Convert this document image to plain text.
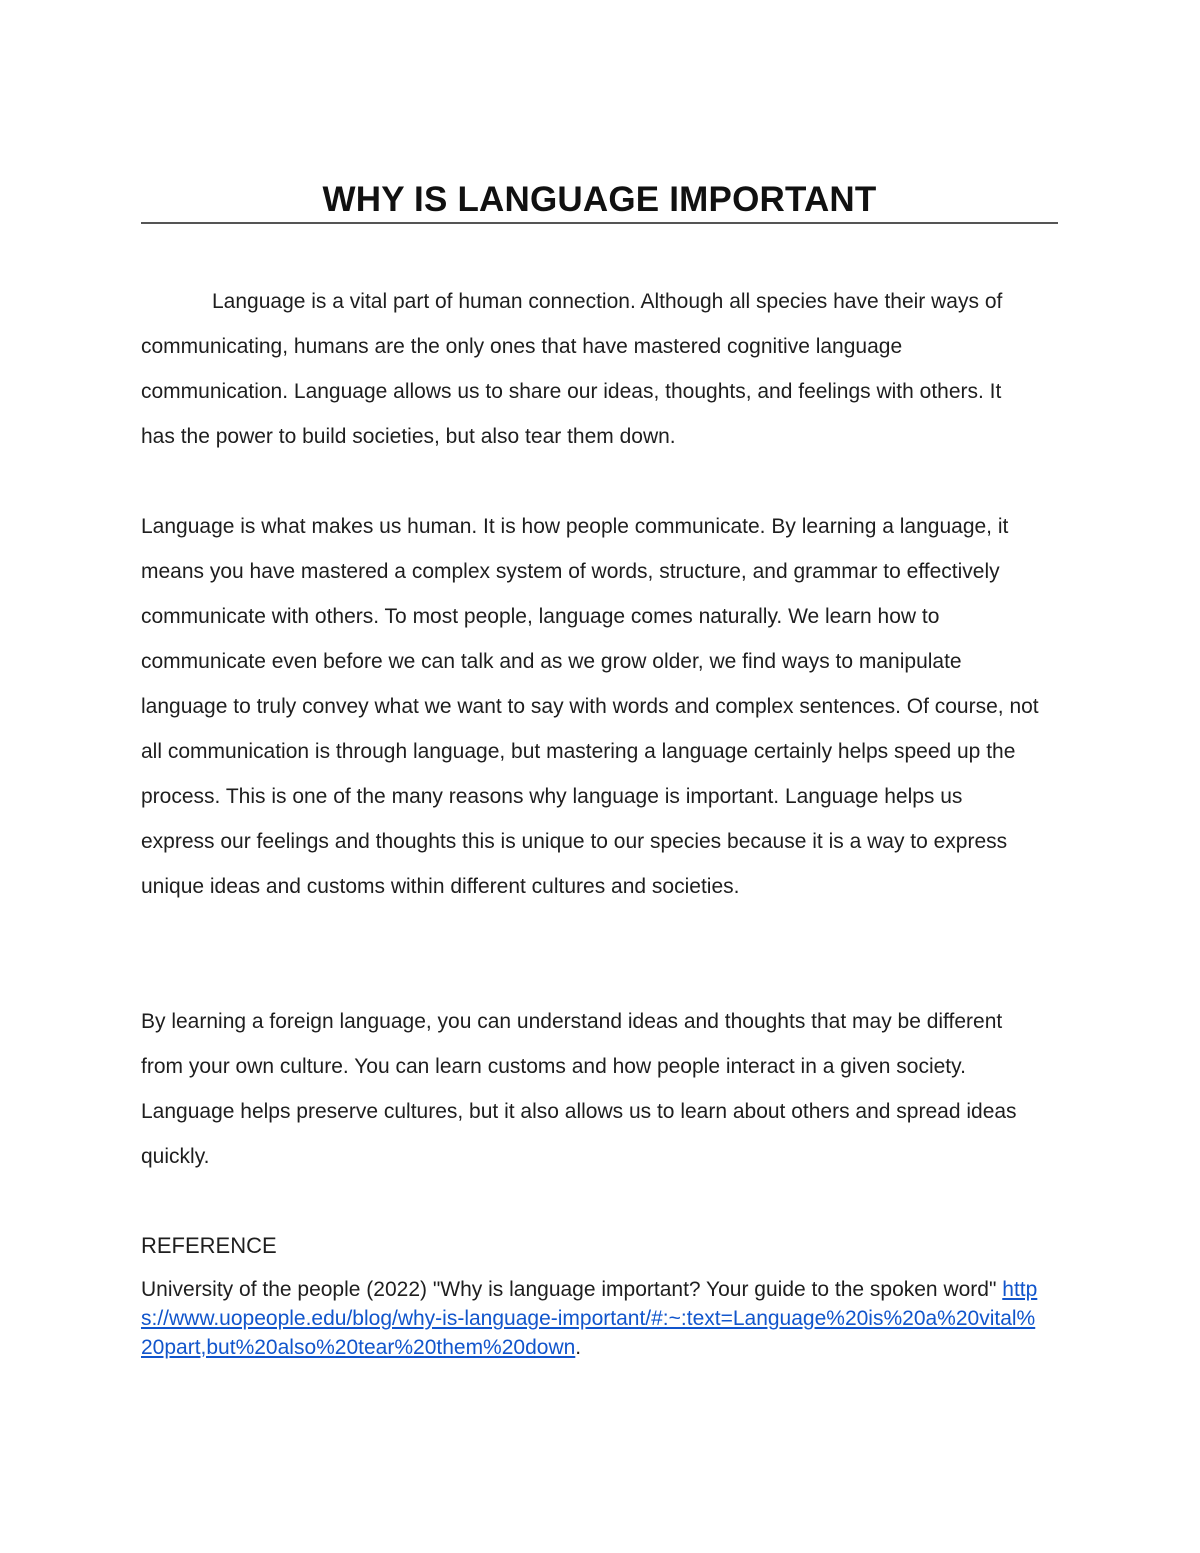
WHY IS LANGUAGE IMPORTANT

Language is a vital part of human connection. Although all species have their ways of communicating, humans are the only ones that have mastered cognitive language communication. Language allows us to share our ideas, thoughts, and feelings with others. It has the power to build societies, but also tear them down.

Language is what makes us human. It is how people communicate. By learning a language, it means you have mastered a complex system of words, structure, and grammar to effectively communicate with others. To most people, language comes naturally. We learn how to communicate even before we can talk and as we grow older, we find ways to manipulate language to truly convey what we want to say with words and complex sentences. Of course, not all communication is through language, but mastering a language certainly helps speed up the process. This is one of the many reasons why language is important. Language helps us express our feelings and thoughts this is unique to our species because it is a way to express unique ideas and customs within different cultures and societies.

By learning a foreign language, you can understand ideas and thoughts that may be different from your own culture. You can learn customs and how people interact in a given society. Language helps preserve cultures, but it also allows us to learn about others and spread ideas quickly.

REFERENCE
University of the people (2022) "Why is language important? Your guide to the spoken word" https://www.uopeople.edu/blog/why-is-language-important/#:~:text=Language%20is%20a%20vital%20part,but%20also%20tear%20them%20down.
